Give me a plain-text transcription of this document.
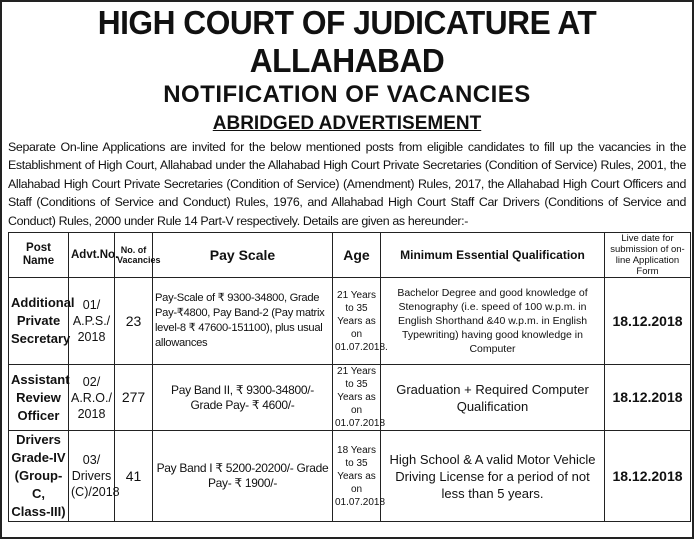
HIGH COURT OF JUDICATURE AT ALLAHABAD
NOTIFICATION OF VACANCIES
ABRIDGED ADVERTISEMENT

Separate On-line Applications are invited for the below mentioned posts from eligible candidates to fill up the vacancies in the Establishment of High Court, Allahabad under the Allahabad High Court Private Secretaries (Condition of Service) Rules, 2001, the Allahabad High Court Private Secretaries (Condition of Service) (Amendment) Rules, 2017, the Allahabad High Court Officers and Staff (Conditions of Service and Conduct) Rules, 1976, and Allahabad High Court Staff Car Drivers (Conditions of Service and Conduct) Rules, 2000 under Rule 14 Part-V respectively. Details are given as hereunder:-

Post Name	Advt.No.	No. of Vacancies	Pay Scale	Age	Minimum Essential Qualification	Live date for submission of on-line Application Form
Additional Private Secretary	01/ A.P.S./ 2018	23	Pay-Scale of ₹ 9300-34800, Grade Pay-₹4800, Pay Band-2 (Pay matrix level-8 ₹ 47600-151100), plus usual allowances	21 Years to 35 Years as on 01.07.2018.	Bachelor Degree and good knowledge of Stenography (i.e. speed of 100 w.p.m. in English Shorthand &40 w.p.m. in English Typewriting) having good knowledge in Computer	18.12.2018
Assistant Review Officer	02/ A.R.O./ 2018	277	Pay Band II, ₹ 9300-34800/- Grade Pay- ₹ 4600/-	21 Years to 35 Years as on 01.07.2018	Graduation + Required Computer Qualification	18.12.2018
Drivers Grade-IV (Group-C, Class-III)	03/ Drivers (C)/2018	41	Pay Band I ₹ 5200-20200/- Grade Pay- ₹ 1900/-	18 Years to 35 Years as on 01.07.2018	High School & A valid Motor Vehicle Driving License for a period of not less than 5 years.	18.12.2018
